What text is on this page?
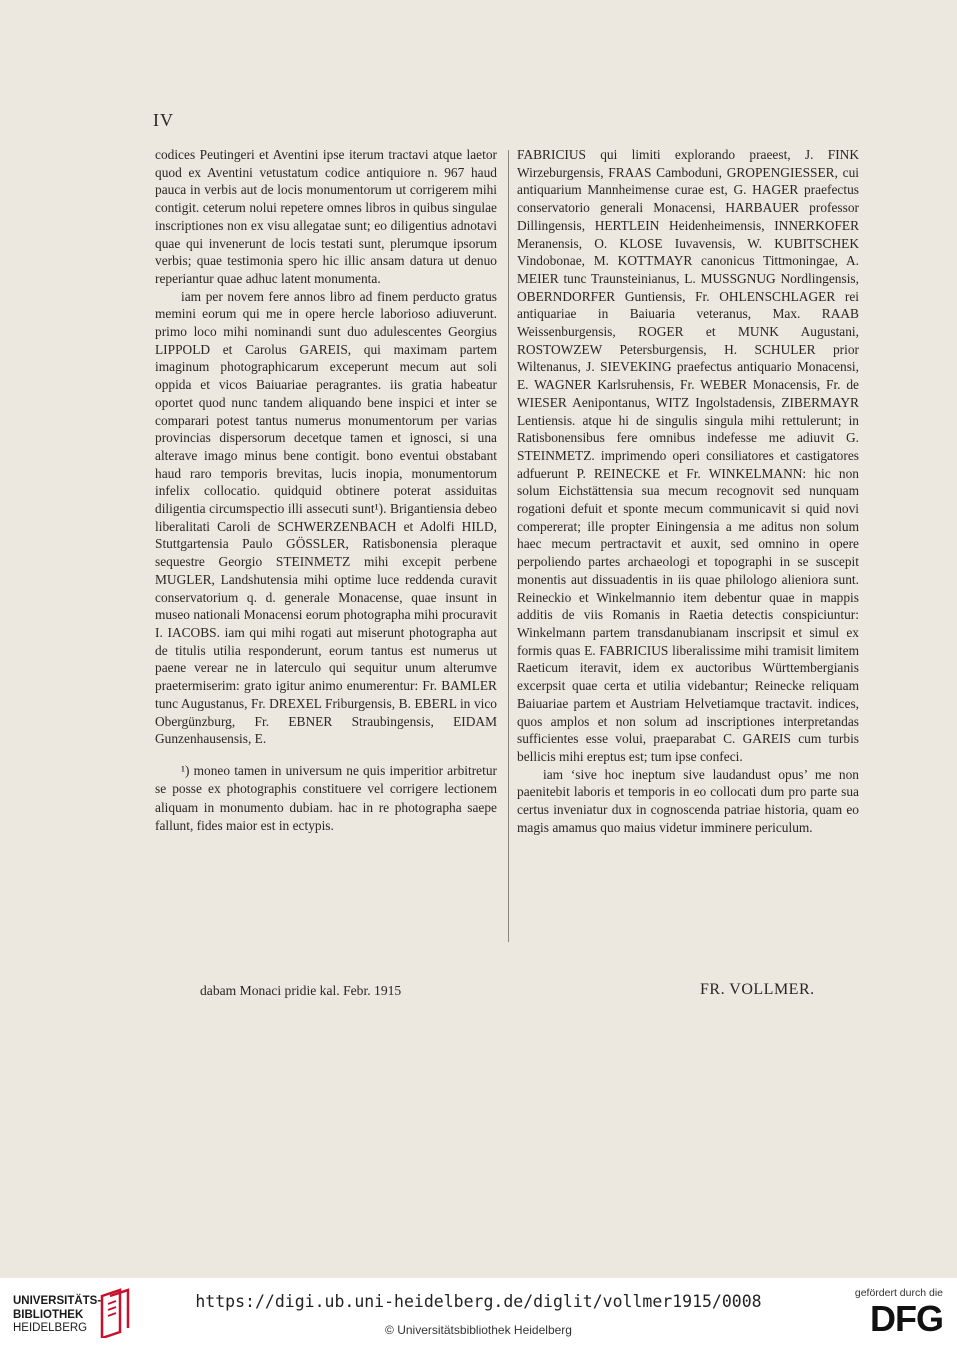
IV

codices Peutingeri et Aventini ipse iterum tractavi atque laetor quod ex Aventini vetustatum codice antiquiore n. 967 haud pauca in verbis aut de locis monumentorum ut corrigerem mihi contigit. ceterum nolui repetere omnes libros in quibus singulae inscriptiones non ex visu allegatae sunt; eo diligentius adnotavi quae qui invenerunt de locis testati sunt, plerumque ipsorum verbis; quae testimonia spero hic illic ansam datura ut denuo reperiantur quae adhuc latent monumenta.

iam per novem fere annos libro ad finem perducto gratus memini eorum qui me in opere hercle laborioso adiuverunt. primo loco mihi nominandi sunt duo adulescentes Georgius LIPPOLD et Carolus GAREIS, qui maximam partem imaginum photographicarum exceperunt mecum aut soli oppida et vicos Baiuariae peragrantes. iis gratia habeatur oportet quod nunc tandem aliquando bene inspici et inter se comparari potest tantus numerus monumentorum per varias provincias dispersorum decetque tamen et ignosci, si una alterave imago minus bene contigit. bono eventui obstabant haud raro temporis brevitas, lucis inopia, monumentorum infelix collocatio. quidquid obtinere poterat assiduitas diligentia circumspectio illi assecuti sunt¹). Brigantiensia debeo liberalitati Caroli de SCHWERZENBACH et Adolfi HILD, Stuttgartensia Paulo GÖSSLER, Ratisbonensia pleraque sequestre Georgio STEINMETZ mihi excepit perbene MUGLER, Landshutensia mihi optime luce reddenda curavit conservatorium q. d. generale Monacense, quae insunt in museo nationali Monacensi eorum photographa mihi procuravit I. IACOBS. iam qui mihi rogati aut miserunt photographa aut de titulis utilia responderunt, eorum tantus est numerus ut paene verear ne in laterculo qui sequitur unum alterumve praetermiserim: grato igitur animo enumerentur: Fr. BAMLER tunc Augustanus, Fr. DREXEL Friburgensis, B. EBERL in vico Obergünzburg, Fr. EBNER Straubingensis, EIDAM Gunzenhausensis, E.

¹) moneo tamen in universum ne quis imperitior arbitretur se posse ex photographis constituere vel corrigere lectionem aliquam in monumento dubiam. hac in re photographa saepe fallunt, fides maior est in ectypis.

FABRICIUS qui limiti explorando praeest, J. FINK Wirzeburgensis, FRAAS Camboduni, GROPENGIESSER, cui antiquarium Mannheimense curae est, G. HAGER praefectus conservatorio generali Monacensi, HARBAUER professor Dillingensis, HERTLEIN Heidenheimensis, INNERKOFER Meranensis, O. KLOSE Iuvavensis, W. KUBITSCHEK Vindobonae, M. KOTTMAYR canonicus Tittmoningae, A. MEIER tunc Traunsteinianus, L. MUSSGNUG Nordlingensis, OBERNDORFER Guntiensis, Fr. OHLENSCHLAGER rei antiquariae in Baiuaria veteranus, Max. RAAB Weissenburgensis, ROGER et MUNK Augustani, ROSTOWZEW Petersburgensis, H. SCHULER prior Wiltenanus, J. SIEVEKING praefectus antiquario Monacensi, E. WAGNER Karlsruhensis, Fr. WEBER Monacensis, Fr. de WIESER Aenipontanus, WITZ Ingolstadensis, ZIBERMAYR Lentiensis. atque hi de singulis singula mihi rettulerunt; in Ratisbonensibus fere omnibus indefesse me adiuvit G. STEINMETZ. imprimendo operi consiliatores et castigatores adfuerunt P. REINECKE et Fr. WINKELMANN: hic non solum Eichstättensia sua mecum recognovit sed nunquam rogationi defuit et sponte mecum communicavit si quid novi compererat; ille propter Einingensia a me aditus non solum haec mecum pertractavit et auxit, sed omnino in opere perpoliendo partes archaeologi et topographi in se suscepit monentis aut dissuadentis in iis quae philologo alieniora sunt. Reineckio et Winkelmannio item debentur quae in mappis additis de viis Romanis in Raetia detectis conspiciuntur: Winkelmann partem transdanubianam inscripsit et simul ex formis quas E. FABRICIUS liberalissime mihi tramisit limitem Raeticum iteravit, idem ex auctoribus Württembergianis excerpsit quae certa et utilia videbantur; Reinecke reliquam Baiuariae partem et Austriam Helvetiamque tractavit. indices, quos amplos et non solum ad inscriptiones interpretandas sufficientes esse volui, praeparabat C. GAREIS cum turbis bellicis mihi ereptus est; tum ipse confeci.

iam ‘sive hoc ineptum sive laudandust opus’ me non paenitebit laboris et temporis in eo collocati dum pro parte sua certus inveniatur dux in cognoscenda patriae historia, quam eo magis amamus quo maius videtur imminere periculum.

dabam Monaci pridie kal. Febr. 1915	FR. VOLLMER.
UNIVERSITÄTS-
BIBLIOTHEK
HEIDELBERG
https://digi.ub.uni-heidelberg.de/diglit/vollmer1915/0008
© Universitätsbibliothek Heidelberg
gefördert durch die
DFG
